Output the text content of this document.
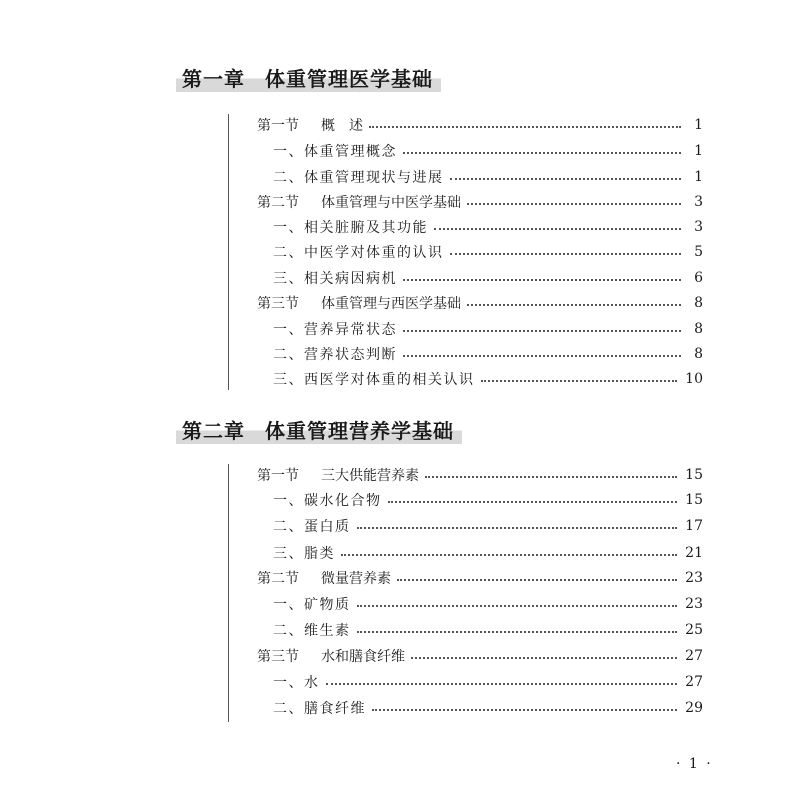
第一章 体重管理医学基础
第一节 概　述	1
一、体重管理概念	1
二、体重管理现状与进展	1
第二节 体重管理与中医学基础	3
一、相关脏腑及其功能	3
二、中医学对体重的认识	5
三、相关病因病机	6
第三节 体重管理与西医学基础	8
一、营养异常状态	8
二、营养状态判断	8
三、西医学对体重的相关认识	10
第二章 体重管理营养学基础
第一节 三大供能营养素	15
一、碳水化合物	15
二、蛋白质	17
三、脂类	21
第二节 微量营养素	23
一、矿物质	23
二、维生素	25
第三节 水和膳食纤维	27
一、水	27
二、膳食纤维	29
· 1 ·
